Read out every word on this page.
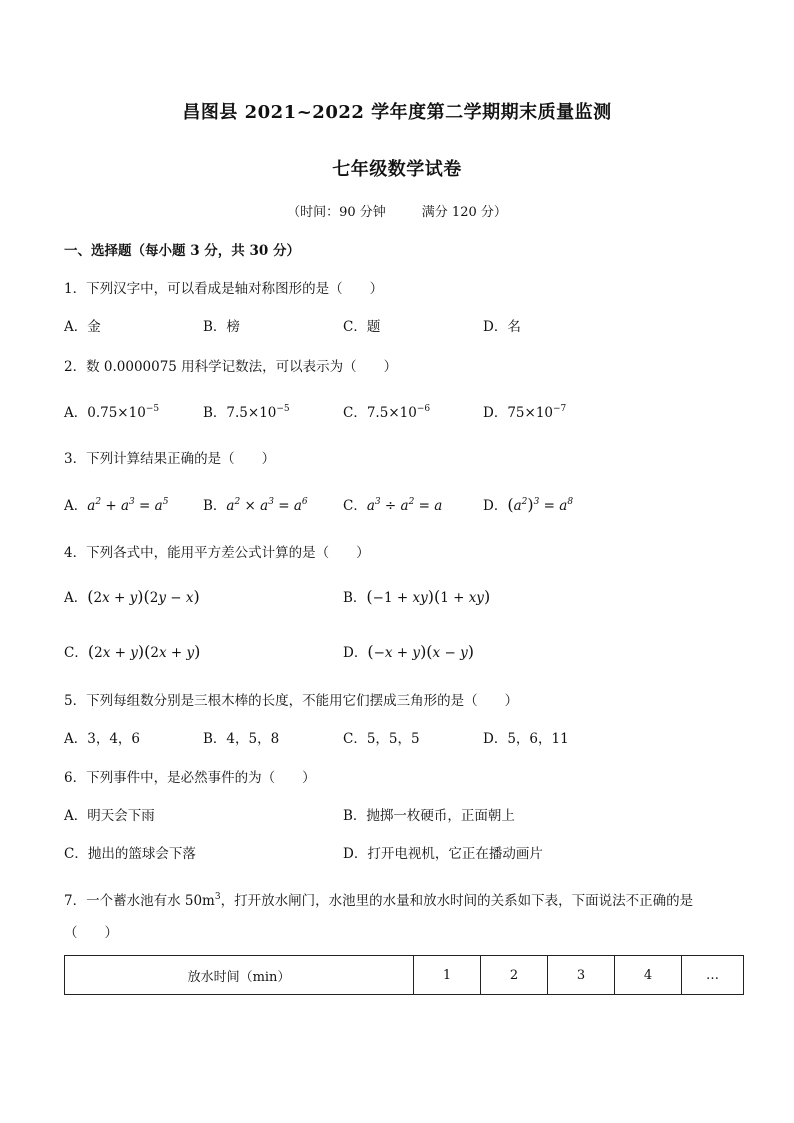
昌图县 2021~2022 学年度第二学期期末质量监测
七年级数学试卷
（时间：90 分钟	满分 120 分）
一、选择题（每小题 3 分，共 30 分）
1．下列汉字中，可以看成是轴对称图形的是（　　）
A．金	B．榜	C．题	D．名
2．数 0.0000075 用科学记数法，可以表示为（　　）
A．$0.75\times 10^{-5}$	B．$7.5\times 10^{-5}$	C．$7.5\times 10^{-6}$	D．$75\times 10^{-7}$
3．下列计算结果正确的是（　　）
A．$a^2 + a^3 = a^5$	B．$a^2 \times a^3 = a^6$	C．$a^3 \div a^2 = a$	D．$(a^2)^3 = a^8$
4．下列各式中，能用平方差公式计算的是（　　）
A．(2x + y)(2y − x)	B．(−1 + xy)(1 + xy)
C．(2x + y)(2x + y)	D．(−x + y)(x − y)
5．下列每组数分别是三根木棒的长度，不能用它们摆成三角形的是（　　）
A．3，4，6	B．4，5，8	C．5，5，5	D．5，6，11
6．下列事件中，是必然事件的为（　　）
A．明天会下雨	B．抛掷一枚硬币，正面朝上
C．抛出的篮球会下落	D．打开电视机，它正在播动画片
7．一个蓄水池有水 $50m^3$，打开放水闸门，水池里的水量和放水时间的关系如下表，下面说法不正确的是
（　　）
放水时间（min）	1	2	3	4	…
